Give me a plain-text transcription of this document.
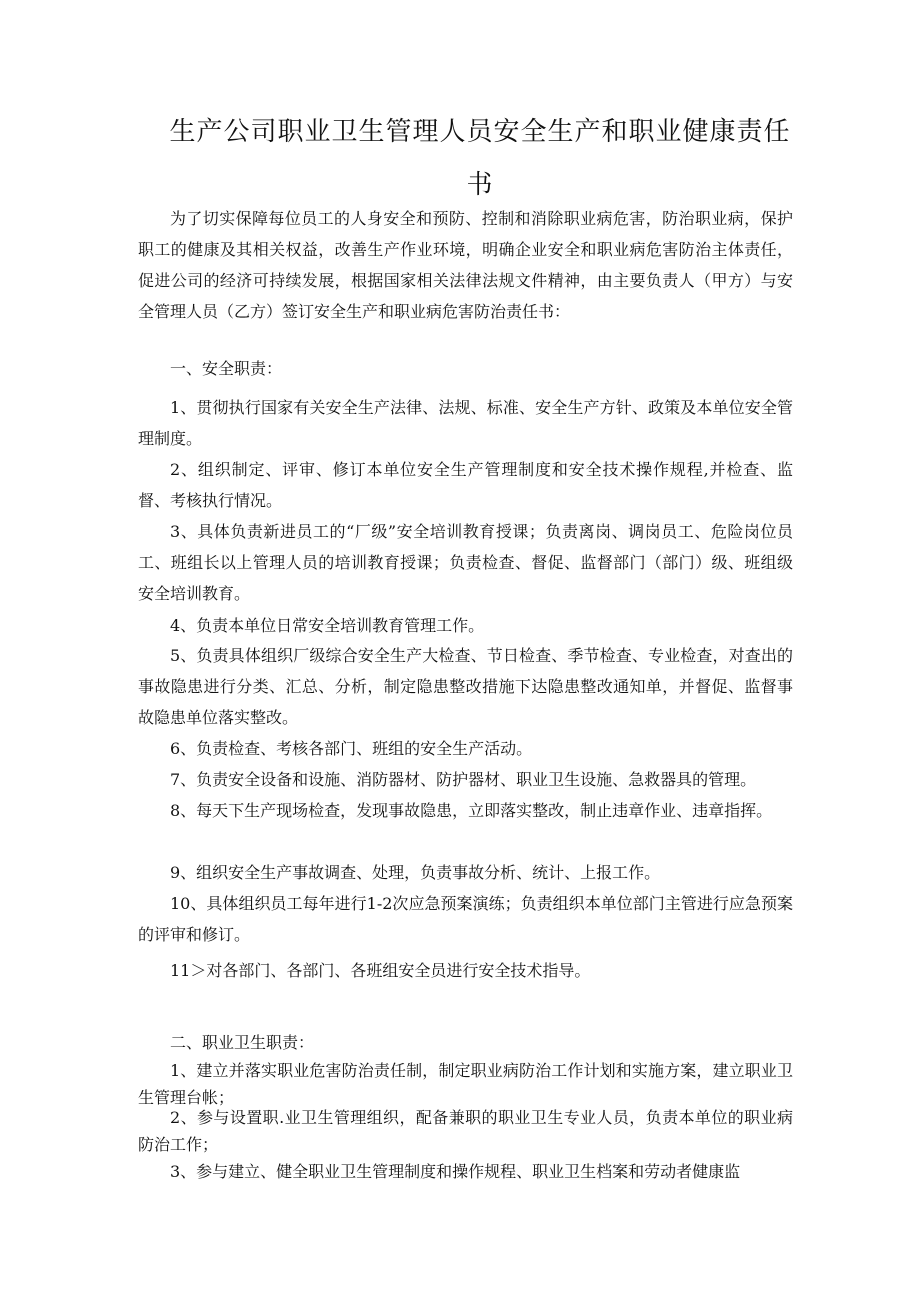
生产公司职业卫生管理人员安全生产和职业健康责任
书

为了切实保障每位员工的人身安全和预防、控制和消除职业病危害，防治职业病，保护职工的健康及其相关权益，改善生产作业环境，明确企业安全和职业病危害防治主体责任，促进公司的经济可持续发展，根据国家相关法律法规文件精神，由主要负责人（甲方）与安全管理人员（乙方）签订安全生产和职业病危害防治责任书：

一、安全职责：

1、贯彻执行国家有关安全生产法律、法规、标准、安全生产方针、政策及本单位安全管理制度。

2、组织制定、评审、修订本单位安全生产管理制度和安全技术操作规程,并检查、监督、考核执行情况。

3、具体负责新进员工的“厂级”安全培训教育授课；负责离岗、调岗员工、危险岗位员工、班组长以上管理人员的培训教育授课；负责检查、督促、监督部门（部门）级、班组级安全培训教育。

4、负责本单位日常安全培训教育管理工作。

5、负责具体组织厂级综合安全生产大检查、节日检查、季节检查、专业检查，对查出的事故隐患进行分类、汇总、分析，制定隐患整改措施下达隐患整改通知单，并督促、监督事故隐患单位落实整改。

6、负责检查、考核各部门、班组的安全生产活动。

7、负责安全设备和设施、消防器材、防护器材、职业卫生设施、急救器具的管理。

8、每天下生产现场检查，发现事故隐患，立即落实整改，制止违章作业、违章指挥。

9、组织安全生产事故调查、处理，负责事故分析、统计、上报工作。

10、具体组织员工每年进行1-2次应急预案演练；负责组织本单位部门主管进行应急预案的评审和修订。

11＞对各部门、各部门、各班组安全员进行安全技术指导。

二、职业卫生职责：

1、建立并落实职业危害防治责任制，制定职业病防治工作计划和实施方案，建立职业卫生管理台帐；

2、参与设置职.业卫生管理组织，配备兼职的职业卫生专业人员，负责本单位的职业病防治工作；

3、参与建立、健全职业卫生管理制度和操作规程、职业卫生档案和劳动者健康监
